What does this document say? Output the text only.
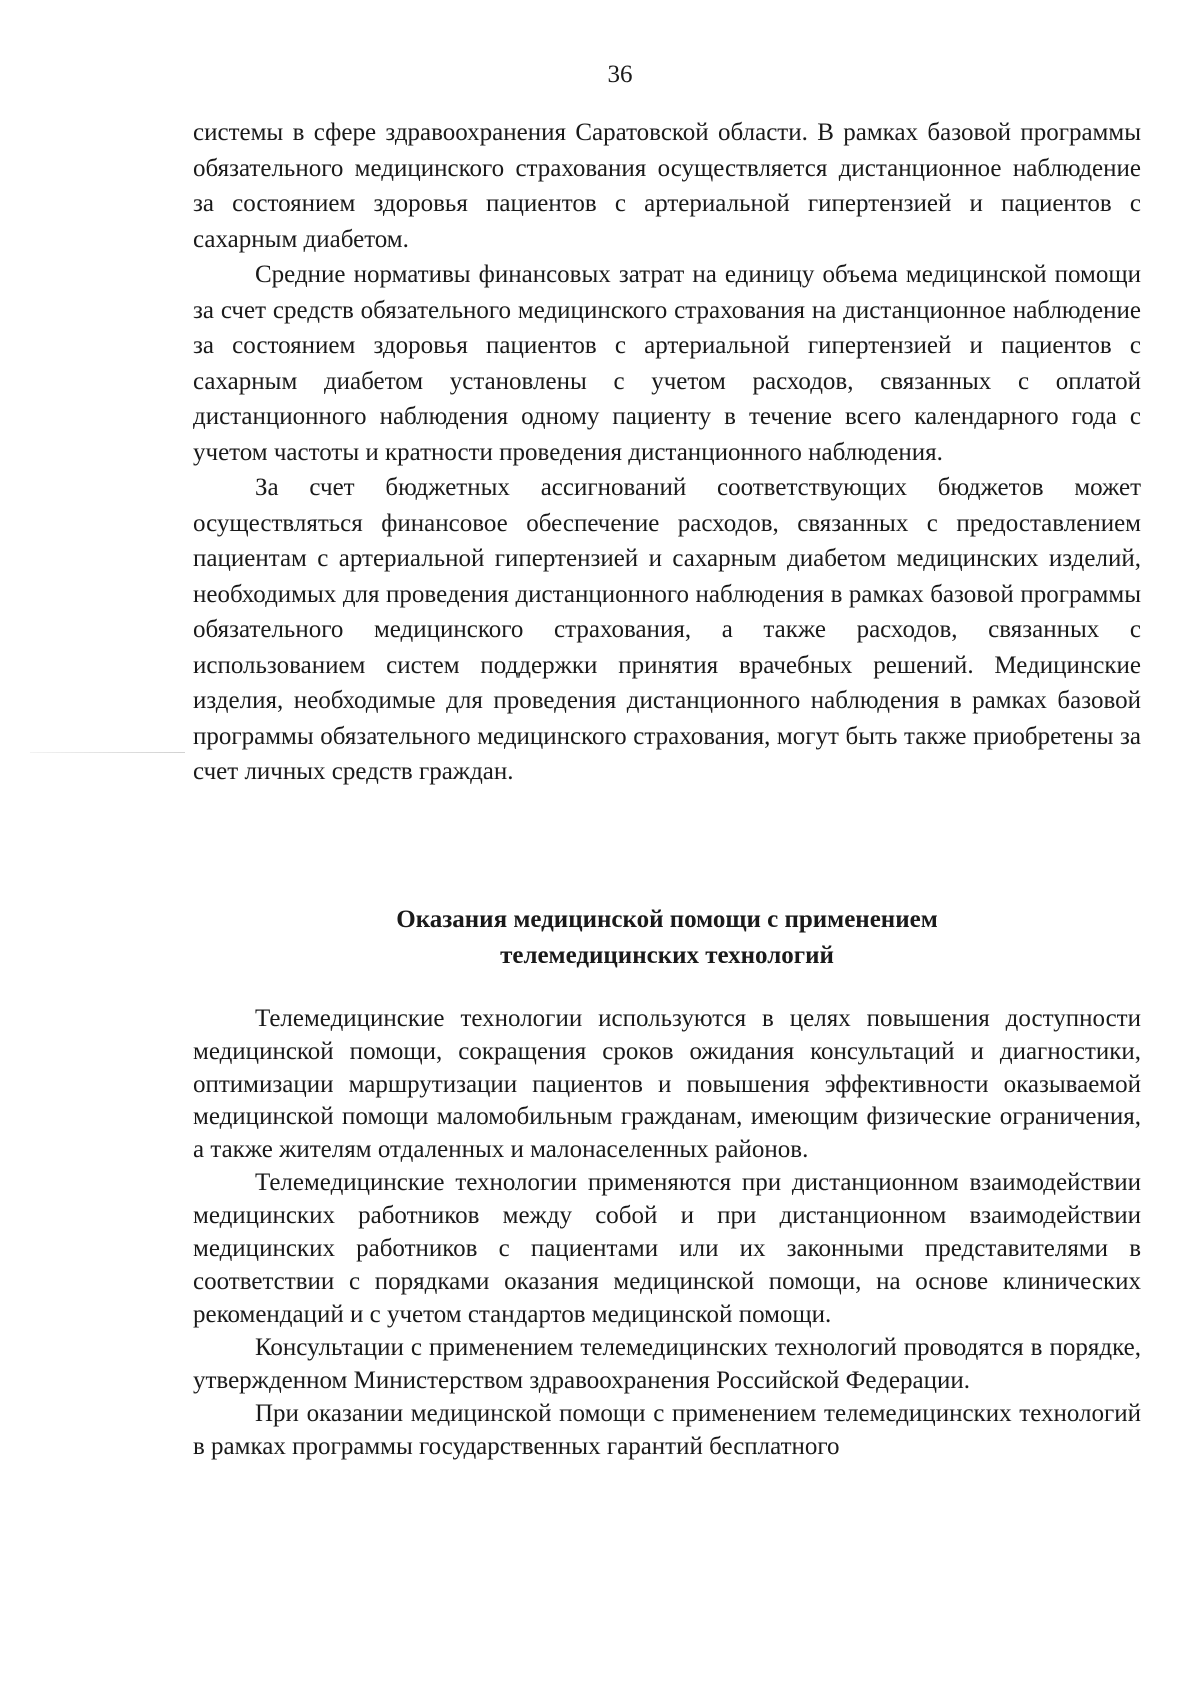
36

системы в сфере здравоохранения Саратовской области. В рамках базовой программы обязательного медицинского страхования осуществляется дистанционное наблюдение за состоянием здоровья пациентов с артериальной гипертензией и пациентов с сахарным диабетом.

Средние нормативы финансовых затрат на единицу объема медицинской помощи за счет средств обязательного медицинского страхования на дистанционное наблюдение за состоянием здоровья пациентов с артериальной гипертензией и пациентов с сахарным диабетом установлены с учетом расходов, связанных с оплатой дистанционного наблюдения одному пациенту в течение всего календарного года с учетом частоты и кратности проведения дистанционного наблюдения.

За счет бюджетных ассигнований соответствующих бюджетов может осуществляться финансовое обеспечение расходов, связанных с предоставлением пациентам с артериальной гипертензией и сахарным диабетом медицинских изделий, необходимых для проведения дистанционного наблюдения в рамках базовой программы обязательного медицинского страхования, а также расходов, связанных с использованием систем поддержки принятия врачебных решений. Медицинские изделия, необходимые для проведения дистанционного наблюдения в рамках базовой программы обязательного медицинского страхования, могут быть также приобретены за счет личных средств граждан.

Оказания медицинской помощи с применением
телемедицинских технологий

Телемедицинские технологии используются в целях повышения доступности медицинской помощи, сокращения сроков ожидания консультаций и диагностики, оптимизации маршрутизации пациентов и повышения эффективности оказываемой медицинской помощи маломобильным гражданам, имеющим физические ограничения, а также жителям отдаленных и малонаселенных районов.

Телемедицинские технологии применяются при дистанционном взаимодействии медицинских работников между собой и при дистанционном взаимодействии медицинских работников с пациентами или их законными представителями в соответствии с порядками оказания медицинской помощи, на основе клинических рекомендаций и с учетом стандартов медицинской помощи.

Консультации с применением телемедицинских технологий проводятся в порядке, утвержденном Министерством здравоохранения Российской Федерации.

При оказании медицинской помощи с применением телемедицинских технологий в рамках программы государственных гарантий бесплатного
